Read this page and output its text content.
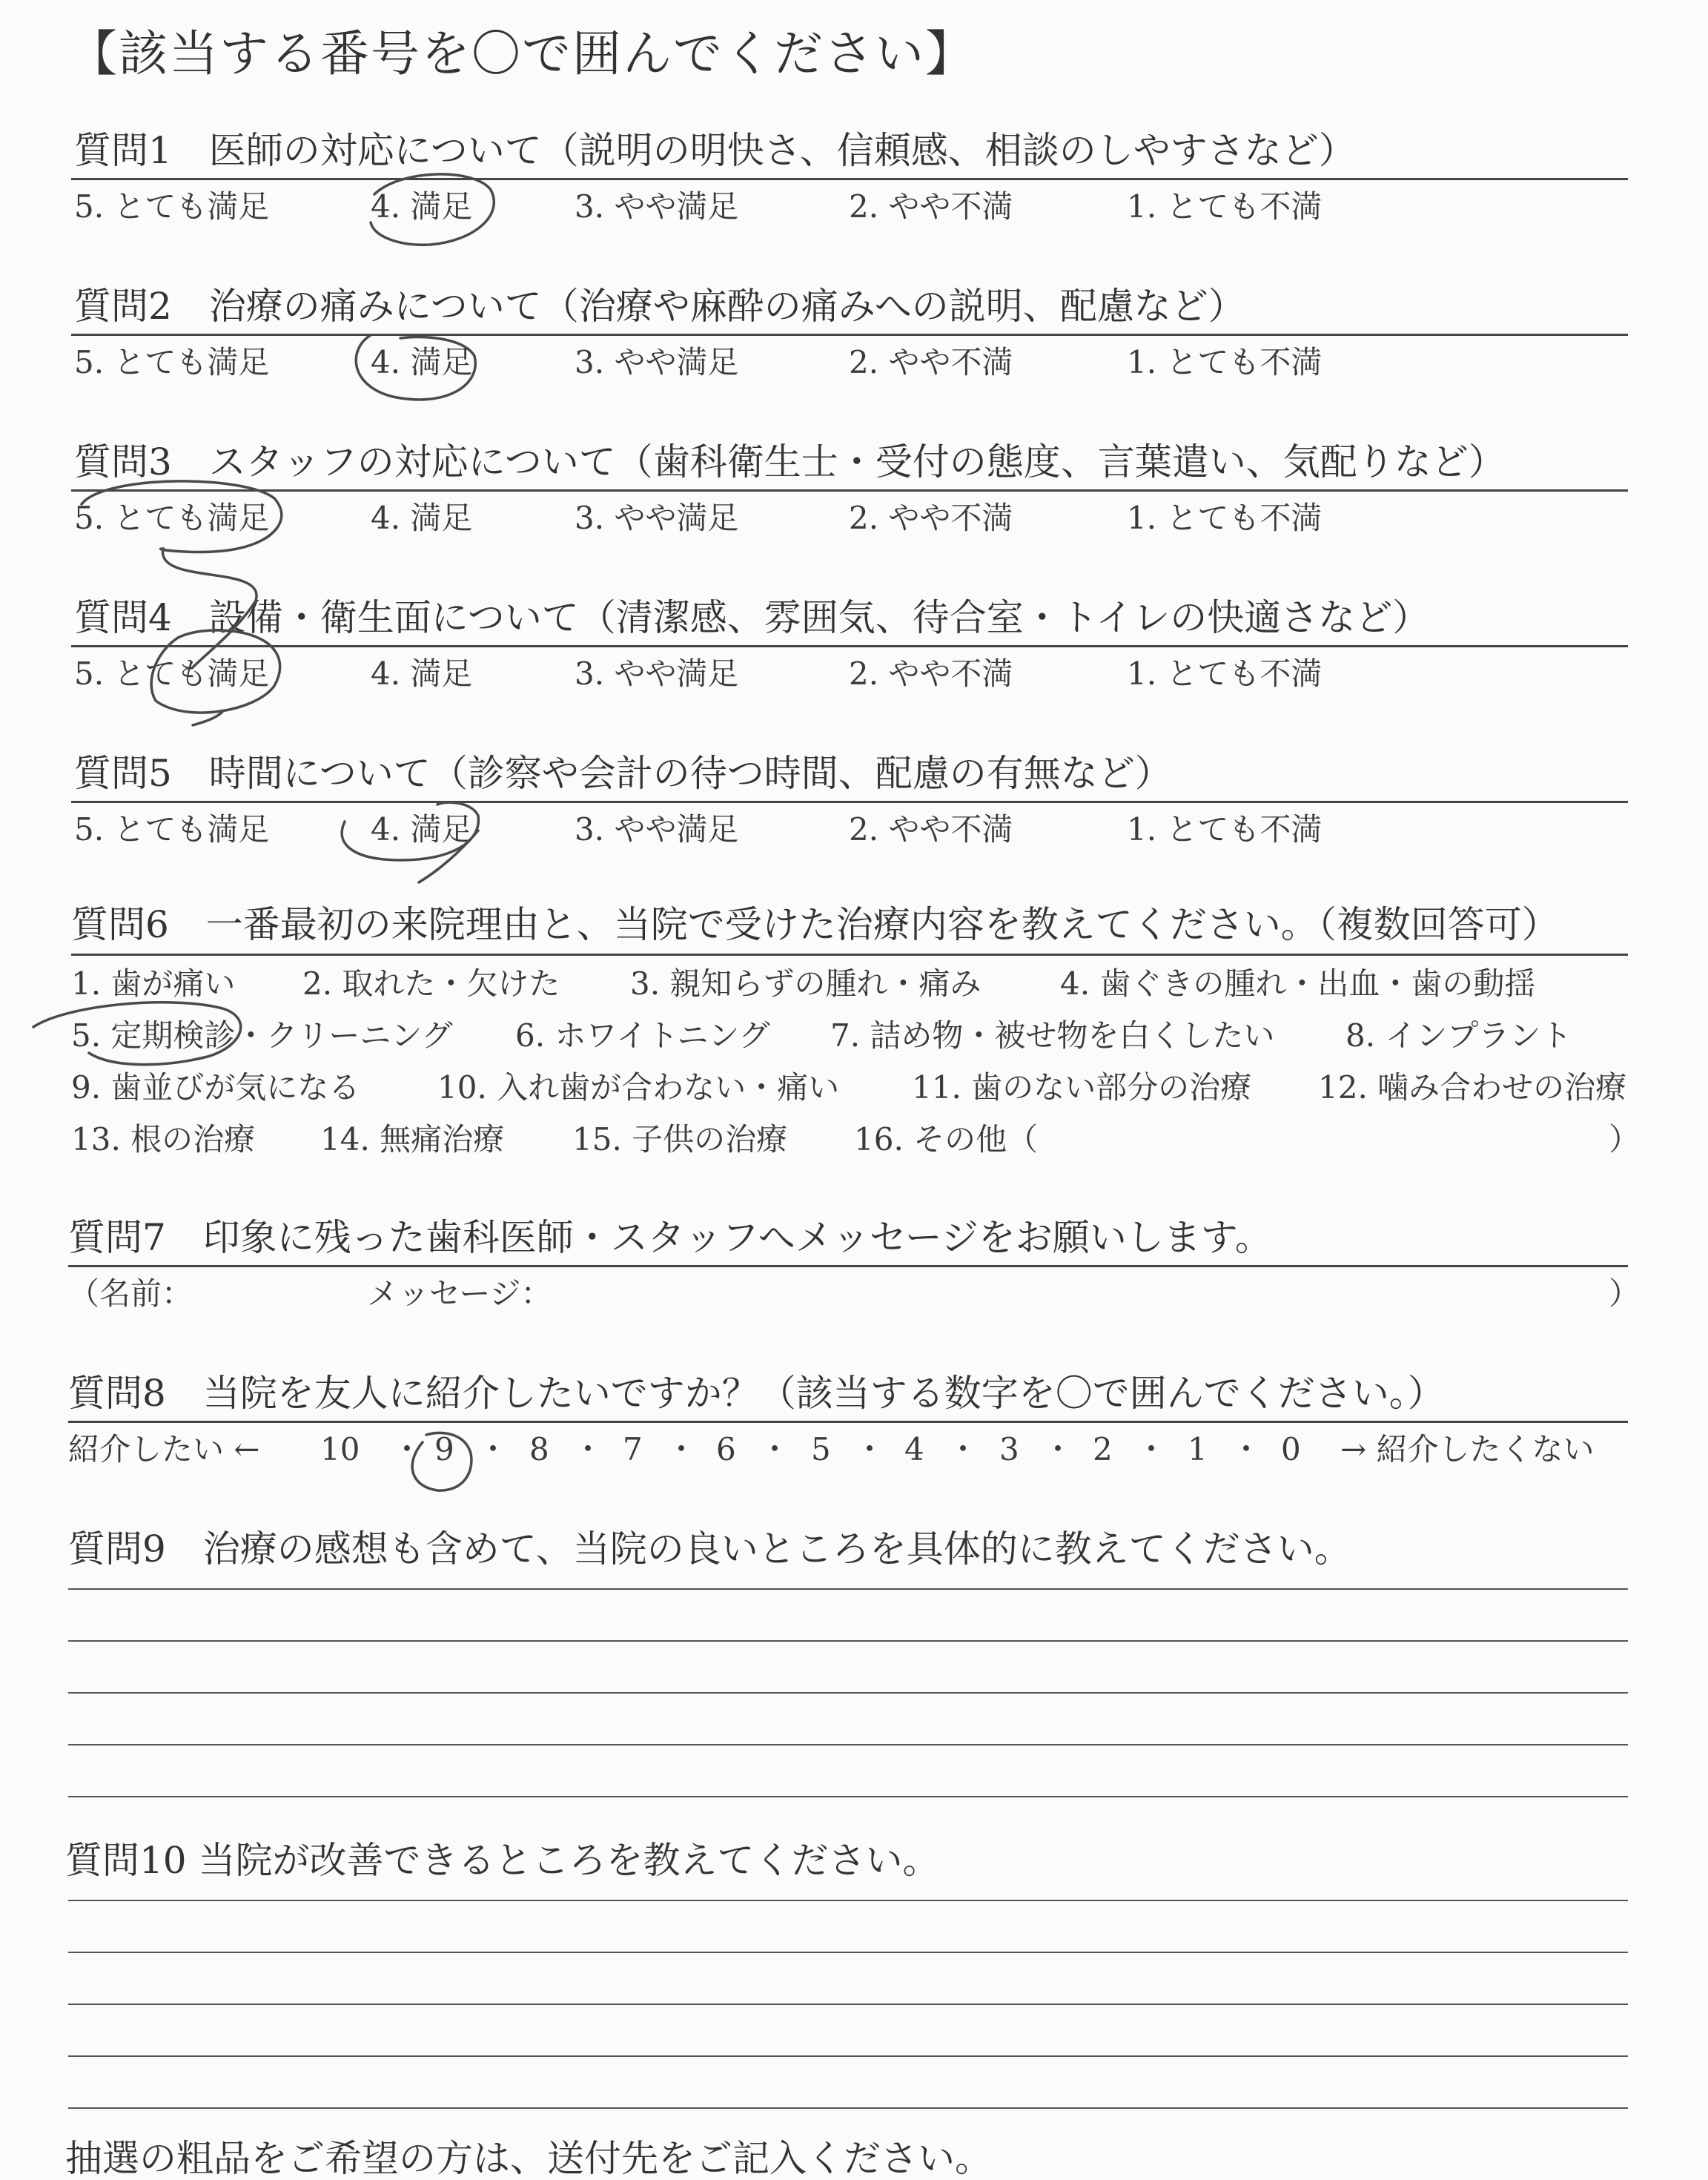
【該当する番号を〇で囲んでください】
質問1　医師の対応について（説明の明快さ、信頼感、相談のしやすさなど）
5. とても満足	4. 満足	3. やや満足	2. やや不満	1. とても不満
質問2　治療の痛みについて（治療や麻酔の痛みへの説明、配慮など）
5. とても満足	4. 満足	3. やや満足	2. やや不満	1. とても不満
質問3　スタッフの対応について（歯科衛生士・受付の態度、言葉遣い、気配りなど）
5. とても満足	4. 満足	3. やや満足	2. やや不満	1. とても不満
質問4　設備・衛生面について（清潔感、雰囲気、待合室・トイレの快適さなど）
5. とても満足	4. 満足	3. やや満足	2. やや不満	1. とても不満
質問5　時間について（診察や会計の待つ時間、配慮の有無など）
5. とても満足	4. 満足	3. やや満足	2. やや不満	1. とても不満
質問6　一番最初の来院理由と、当院で受けた治療内容を教えてください。（複数回答可）
1. 歯が痛い 2. 取れた・欠けた 3. 親知らずの腫れ・痛み	4. 歯ぐきの腫れ・出血・歯の動揺
5. 定期検診・クリーニング 6. ホワイトニング 7. 詰め物・被せ物を白くしたい 8. インプラント
9. 歯並びが気になる 10. 入れ歯が合わない・痛い 11. 歯のない部分の治療 12. 噛み合わせの治療
13. 根の治療 14. 無痛治療 15. 子供の治療 16. その他（	）
質問7　印象に残った歯科医師・スタッフへメッセージをお願いします。
（名前：	メッセージ：	）
質問8　当院を友人に紹介したいですか？（該当する数字を〇で囲んでください。）
紹介したい ← 10 ・ 9 ・ 8 ・ 7 ・ 6 ・ 5 ・ 4 ・ 3 ・ 2 ・ 1 ・ 0 → 紹介したくない
質問9　治療の感想も含めて、当院の良いところを具体的に教えてください。
質問10 当院が改善できるところを教えてください。
抽選の粗品をご希望の方は、送付先をご記入ください。
